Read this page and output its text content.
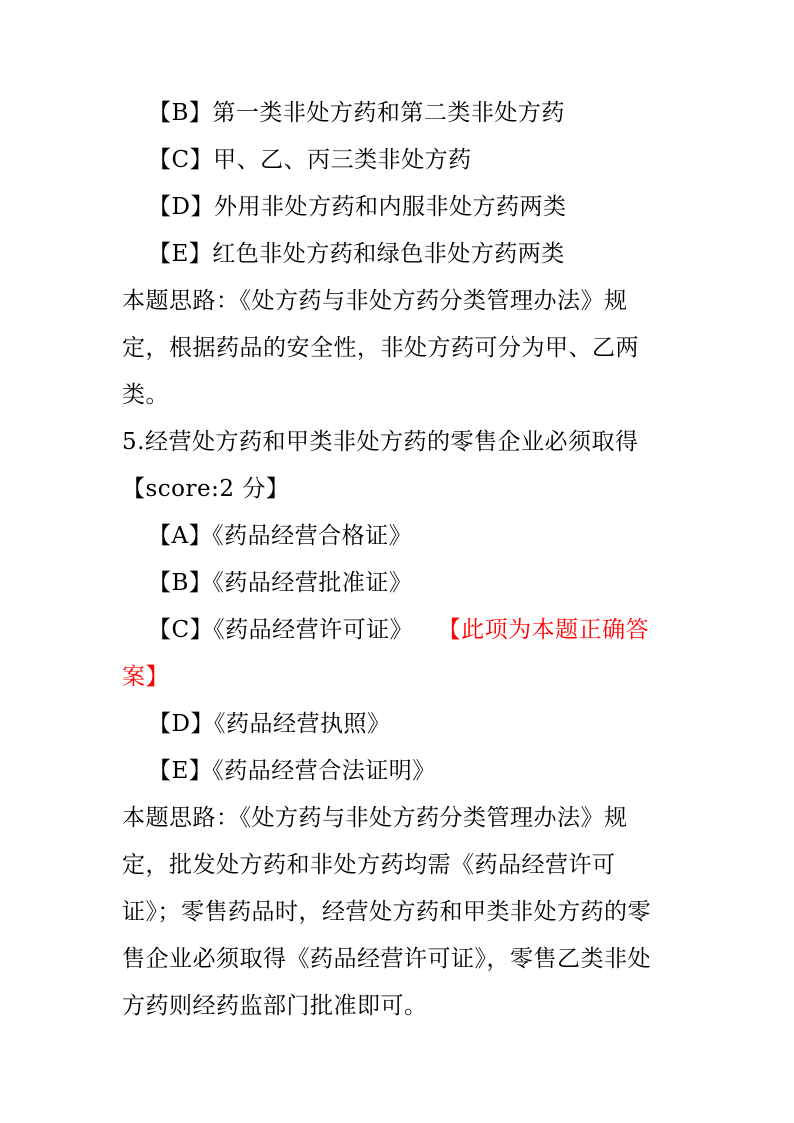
【B】第一类非处方药和第二类非处方药
【C】甲、乙、丙三类非处方药
【D】外用非处方药和内服非处方药两类
【E】红色非处方药和绿色非处方药两类
本题思路：《处方药与非处方药分类管理办法》规
定，根据药品的安全性，非处方药可分为甲、乙两
类。
5.经营处方药和甲类非处方药的零售企业必须取得
【score:2 分】
【A】《药品经营合格证》
【B】《药品经营批准证》
【C】《药品经营许可证》 【此项为本题正确答
案】
【D】《药品经营执照》
【E】《药品经营合法证明》
本题思路：《处方药与非处方药分类管理办法》规
定，批发处方药和非处方药均需《药品经营许可
证》；零售药品时，经营处方药和甲类非处方药的零
售企业必须取得《药品经营许可证》，零售乙类非处
方药则经药监部门批准即可。
